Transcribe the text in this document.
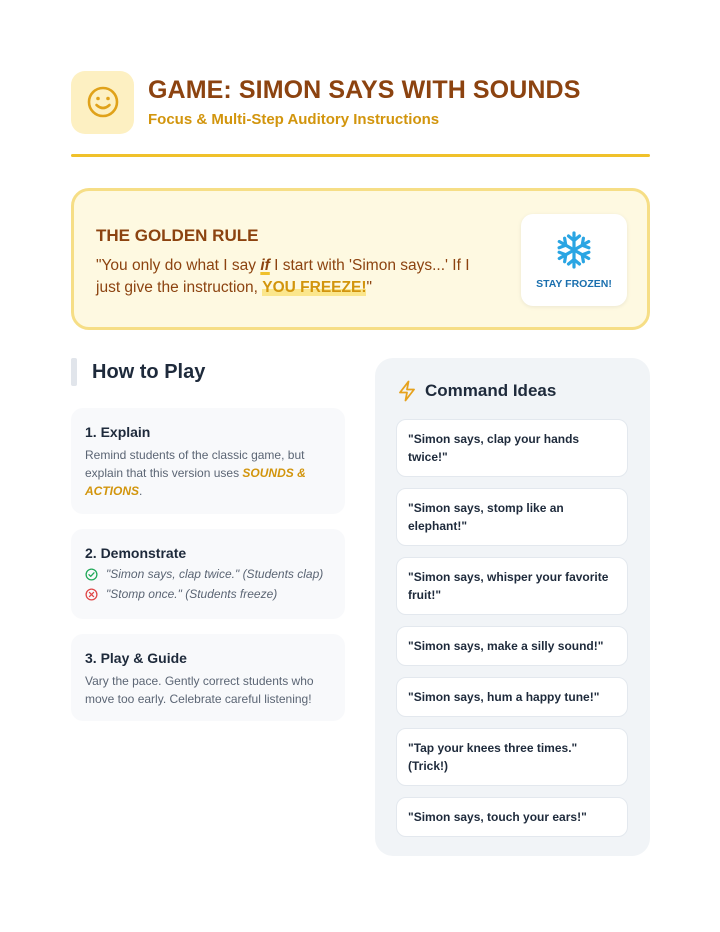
GAME: SIMON SAYS WITH SOUNDS
Focus & Multi-Step Auditory Instructions
THE GOLDEN RULE
"You only do what I say if I start with 'Simon says...' If I just give the instruction, YOU FREEZE!"	STAY FROZEN!
How to Play
1. Explain
Remind students of the classic game, but explain that this version uses SOUNDS & ACTIONS.
2. Demonstrate
"Simon says, clap twice." (Students clap)
"Stomp once." (Students freeze)
3. Play & Guide
Vary the pace. Gently correct students who move too early. Celebrate careful listening!
Command Ideas
"Simon says, clap your hands twice!"
"Simon says, stomp like an elephant!"
"Simon says, whisper your favorite fruit!"
"Simon says, make a silly sound!"
"Simon says, hum a happy tune!"
"Tap your knees three times." (Trick!)
"Simon says, touch your ears!"
